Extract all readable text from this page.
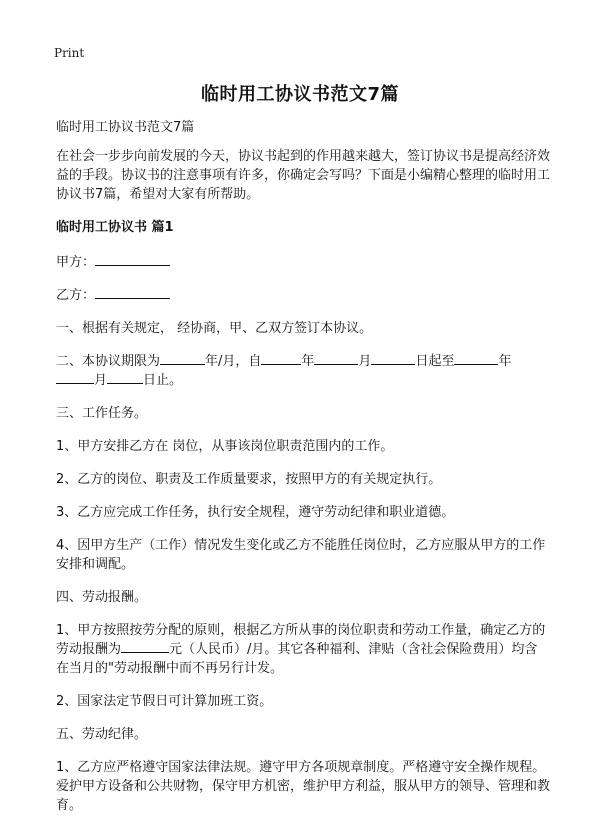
Print
临时用工协议书范文7篇
临时用工协议书范文7篇
在社会一步步向前发展的今天，协议书起到的作用越来越大，签订协议书是提高经济效益的手段。协议书的注意事项有许多，你确定会写吗？下面是小编精心整理的临时用工协议书7篇，希望对大家有所帮助。
临时用工协议书 篇1
甲方：
乙方：
一、根据有关规定， 经协商，甲、乙双方签订本协议。
二、本协议期限为	年/月，自	年	月	日起至	年
月	日止。
三、工作任务。
1、甲方安排乙方在 岗位，从事该岗位职责范围内的工作。
2、乙方的岗位、职责及工作质量要求，按照甲方的有关规定执行。
3、乙方应完成工作任务，执行安全规程，遵守劳动纪律和职业道德。
4、因甲方生产（工作）情况发生变化或乙方不能胜任岗位时，乙方应服从甲方的工作安排和调配。
四、劳动报酬。
1、甲方按照按劳分配的原则，根据乙方所从事的岗位职责和劳动工作量，确定乙方的劳动报酬为	元（人民币）/月。其它各种福利、津贴（含社会保险费用）均含在当月的"劳动报酬中而不再另行计发。
2、国家法定节假日可计算加班工资。
五、劳动纪律。
1、乙方应严格遵守国家法律法规。遵守甲方各项规章制度。严格遵守安全操作规程。爱护甲方设备和公共财物，保守甲方机密，维护甲方利益，服从甲方的领导、管理和教育。
